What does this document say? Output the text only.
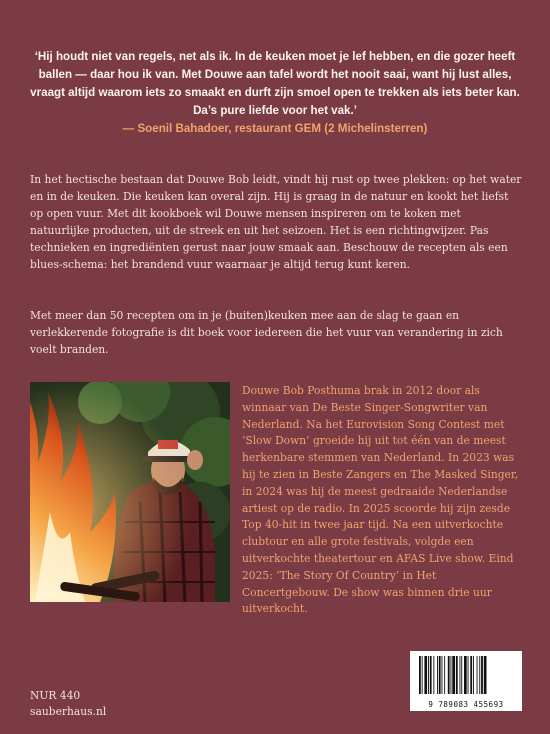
‘Hij houdt niet van regels, net als ik. In de keuken moet je lef hebben, en die gozer heeft ballen — daar hou ik van. Met Douwe aan tafel wordt het nooit saai, want hij lust alles, vraagt altijd waarom iets zo smaakt en durft zijn smoel open te trekken als iets beter kan. Da’s pure liefde voor het vak.’
— Soenil Bahadoer, restaurant GEM (2 Michelinsterren)

In het hectische bestaan dat Douwe Bob leidt, vindt hij rust op twee plekken: op het water en in de keuken. Die keuken kan overal zijn. Hij is graag in de natuur en kookt het liefst op open vuur. Met dit kookboek wil Douwe mensen inspireren om te koken met natuurlijke producten, uit de streek en uit het seizoen. Het is een richtingwijzer. Pas technieken en ingrediënten gerust naar jouw smaak aan. Beschouw de recepten als een blues-schema: het brandend vuur waarnaar je altijd terug kunt keren.

Met meer dan 50 recepten om in je (buiten)keuken mee aan de slag te gaan en verlekkerende fotografie is dit boek voor iedereen die het vuur van verandering in zich voelt branden.

Douwe Bob Posthuma brak in 2012 door als winnaar van De Beste Singer-Songwriter van Nederland. Na het Eurovision Song Contest met ‘Slow Down’ groeide hij uit tot één van de meest herkenbare stemmen van Nederland. In 2023 was hij te zien in Beste Zangers en The Masked Singer, in 2024 was hij de meest gedraaide Nederlandse artiest op de radio. In 2025 scoorde hij zijn zesde Top 40-hit in twee jaar tijd. Na een uitverkochte clubtour en alle grote festivals, volgde een uitverkochte theatertour en AFAS Live show. Eind 2025: ‘The Story Of Country’ in Het Concertgebouw. De show was binnen drie uur uitverkocht.

NUR 440
sauberhaus.nl
9 789083 455693
